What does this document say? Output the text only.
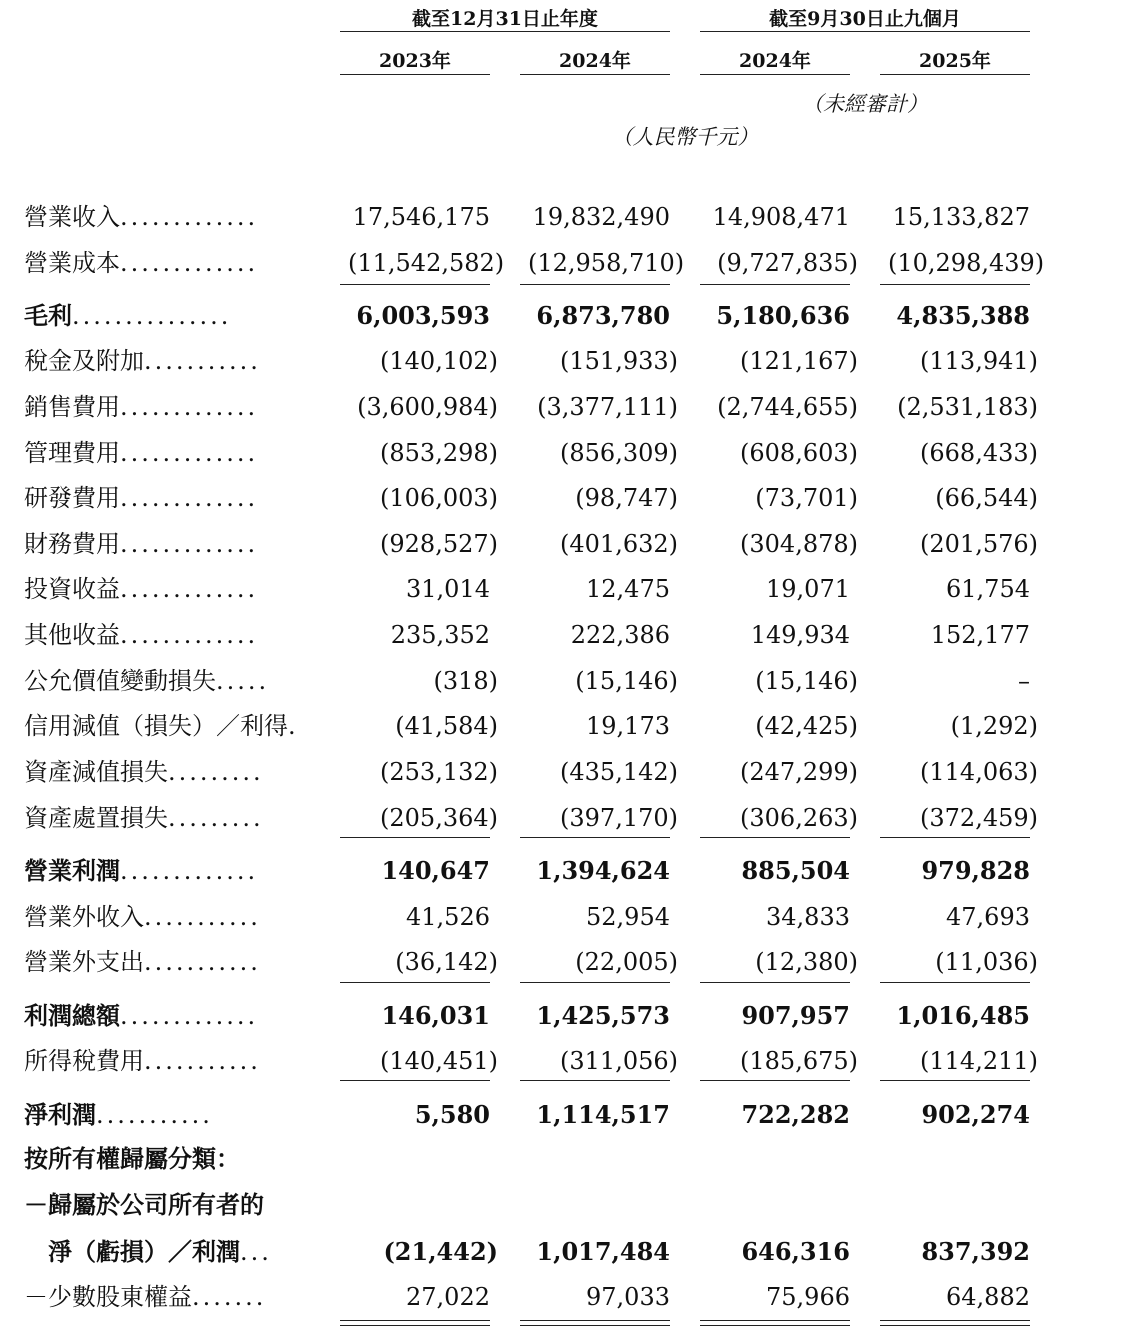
截至12月31日止年度	截至9月30日止九個月
2023年	2024年	2024年	2025年
（未經審計）
（人民幣千元）
營業收入.............	17,546,175	19,832,490	14,908,471	15,133,827
營業成本.............	(11,542,582) (12,958,710)	(9,727,835) (10,298,439)
毛利...............	6,003,593	6,873,780	5,180,636	4,835,388
稅金及附加...........	(140,102)	(151,933)	(121,167)	(113,941)
銷售費用.............	(3,600,984)	(3,377,111)	(2,744,655)	(2,531,183)
管理費用.............	(853,298)	(856,309)	(608,603)	(668,433)
研發費用.............	(106,003)	(98,747)	(73,701)	(66,544)
財務費用.............	(928,527)	(401,632)	(304,878)	(201,576)
投資收益.............	31,014	12,475	19,071	61,754
其他收益.............	235,352	222,386	149,934	152,177
公允價值變動損失.....	(318)	(15,146)	(15,146)	–
信用減值（損失）／利得.	(41,584)	19,173	(42,425)	(1,292)
資產減值損失.........	(253,132)	(435,142)	(247,299)	(114,063)
資產處置損失.........	(205,364)	(397,170)	(306,263)	(372,459)
營業利潤.............	140,647	1,394,624	885,504	979,828
營業外收入...........	41,526	52,954	34,833	47,693
營業外支出...........	(36,142)	(22,005)	(12,380)	(11,036)
利潤總額.............	146,031	1,425,573	907,957	1,016,485
所得稅費用...........	(140,451)	(311,056)	(185,675)	(114,211)
淨利潤...........	5,580	1,114,517	722,282	902,274
按所有權歸屬分類：
－歸屬於公司所有者的
　淨（虧損）／利潤...	(21,442)	1,017,484	646,316	837,392
－少數股東權益.......	27,022	97,033	75,966	64,882
